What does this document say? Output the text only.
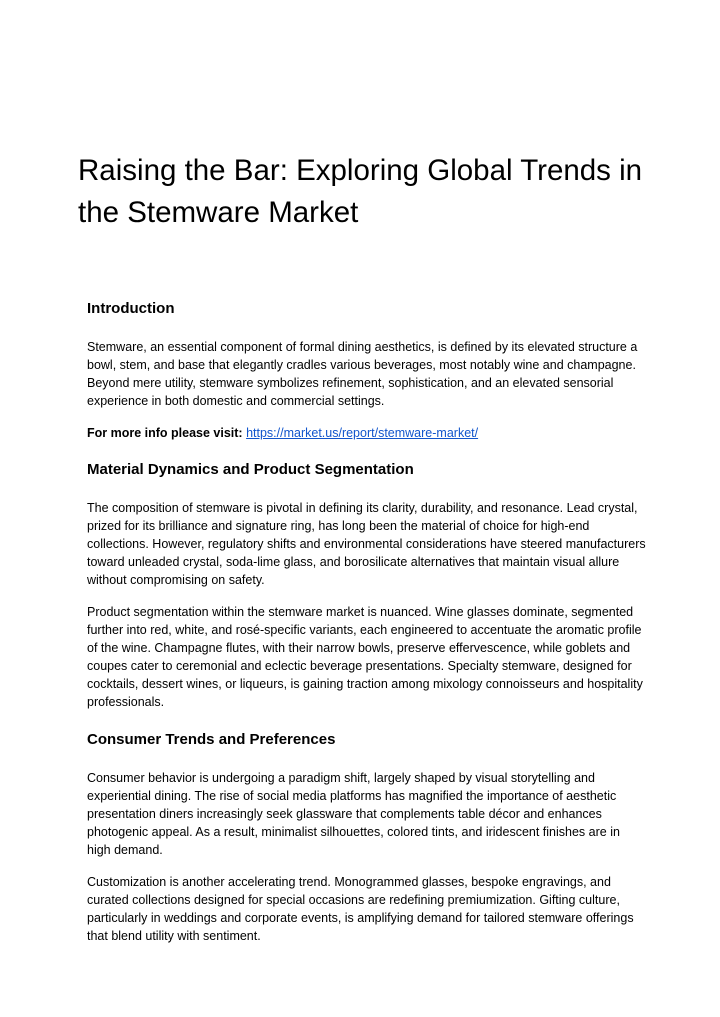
Raising the Bar: Exploring Global Trends in the Stemware Market
Introduction

Stemware, an essential component of formal dining aesthetics, is defined by its elevated structure a bowl, stem, and base that elegantly cradles various beverages, most notably wine and champagne. Beyond mere utility, stemware symbolizes refinement, sophistication, and an elevated sensorial experience in both domestic and commercial settings.

For more info please visit: https://market.us/report/stemware-market/

Material Dynamics and Product Segmentation

The composition of stemware is pivotal in defining its clarity, durability, and resonance. Lead crystal, prized for its brilliance and signature ring, has long been the material of choice for high-end collections. However, regulatory shifts and environmental considerations have steered manufacturers toward unleaded crystal, soda-lime glass, and borosilicate alternatives that maintain visual allure without compromising on safety.

Product segmentation within the stemware market is nuanced. Wine glasses dominate, segmented further into red, white, and rosé-specific variants, each engineered to accentuate the aromatic profile of the wine. Champagne flutes, with their narrow bowls, preserve effervescence, while goblets and coupes cater to ceremonial and eclectic beverage presentations. Specialty stemware, designed for cocktails, dessert wines, or liqueurs, is gaining traction among mixology connoisseurs and hospitality professionals.

Consumer Trends and Preferences

Consumer behavior is undergoing a paradigm shift, largely shaped by visual storytelling and experiential dining. The rise of social media platforms has magnified the importance of aesthetic presentation diners increasingly seek glassware that complements table décor and enhances photogenic appeal. As a result, minimalist silhouettes, colored tints, and iridescent finishes are in high demand.

Customization is another accelerating trend. Monogrammed glasses, bespoke engravings, and curated collections designed for special occasions are redefining premiumization. Gifting culture, particularly in weddings and corporate events, is amplifying demand for tailored stemware offerings that blend utility with sentiment.
